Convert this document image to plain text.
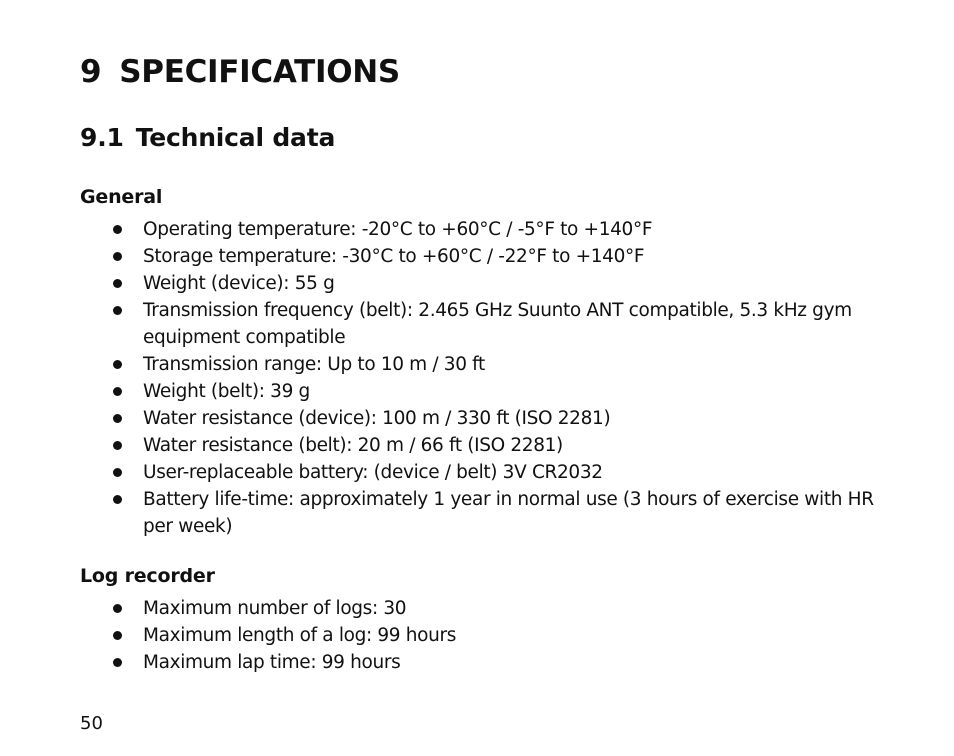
9 SPECIFICATIONS
9.1 Technical data
General
Operating temperature: -20°C to +60°C / -5°F to +140°F
Storage temperature: -30°C to +60°C / -22°F to +140°F
Weight (device): 55 g
Transmission frequency (belt): 2.465 GHz Suunto ANT compatible, 5.3 kHz gym equipment compatible
Transmission range: Up to 10 m / 30 ft
Weight (belt): 39 g
Water resistance (device): 100 m / 330 ft (ISO 2281)
Water resistance (belt): 20 m / 66 ft (ISO 2281)
User-replaceable battery: (device / belt) 3V CR2032
Battery life-time: approximately 1 year in normal use (3 hours of exercise with HR per week)
Log recorder
Maximum number of logs: 30
Maximum length of a log: 99 hours
Maximum lap time: 99 hours
50
